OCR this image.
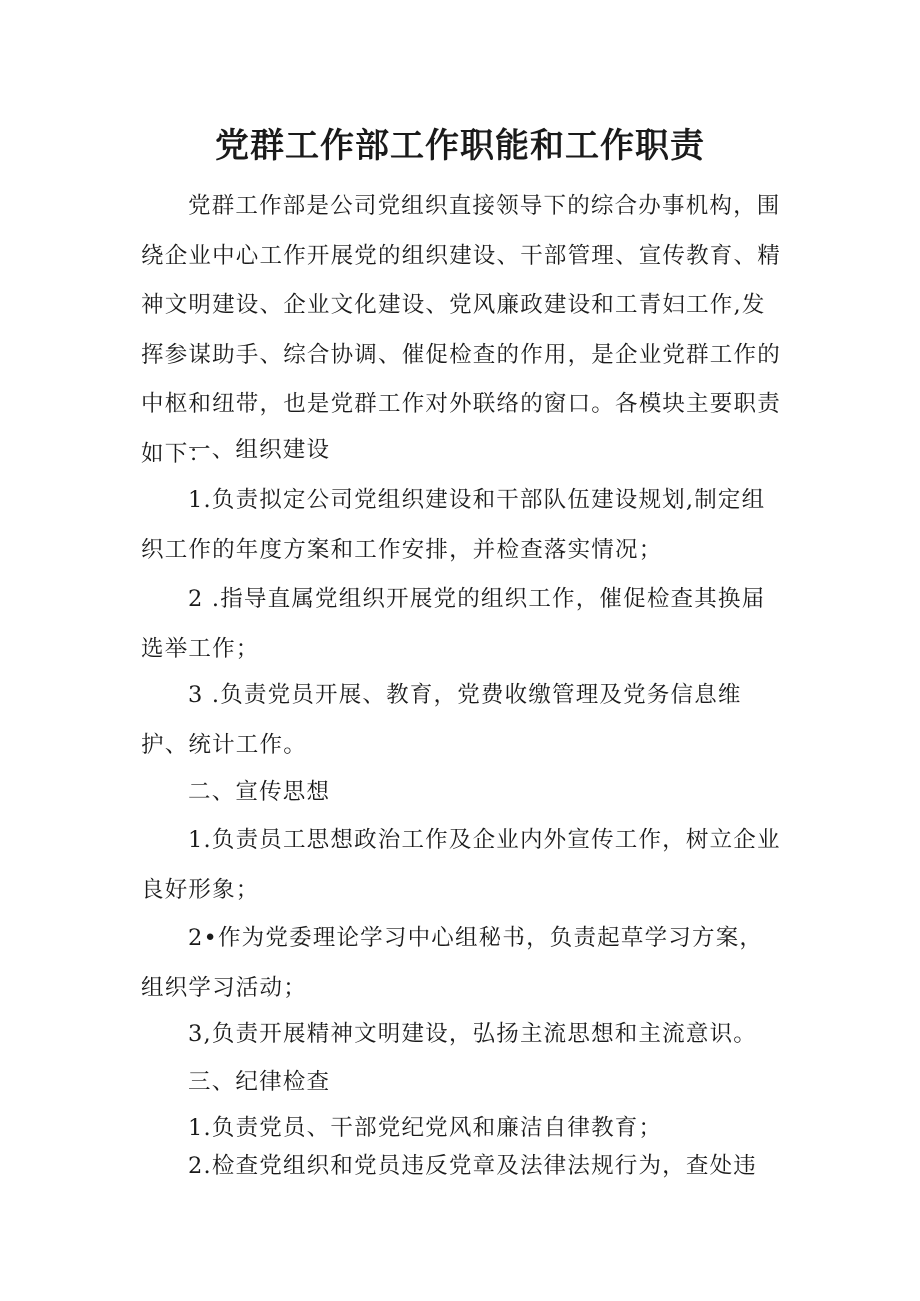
党群工作部工作职能和工作职责

党群工作部是公司党组织直接领导下的综合办事机构，围绕企业中心工作开展党的组织建设、干部管理、宣传教育、精神文明建设、企业文化建设、党风廉政建设和工青妇工作,发挥参谋助手、综合协调、催促检查的作用，是企业党群工作的中枢和纽带，也是党群工作对外联络的窗口。各模块主要职责如下：

一、组织建设

1.负责拟定公司党组织建设和干部队伍建设规划,制定组织工作的年度方案和工作安排，并检查落实情况；

2 .指导直属党组织开展党的组织工作，催促检查其换届选举工作；

3 .负责党员开展、教育，党费收缴管理及党务信息维护、统计工作。

二、宣传思想

1.负责员工思想政治工作及企业内外宣传工作，树立企业良好形象；

2•作为党委理论学习中心组秘书，负责起草学习方案，组织学习活动；

3,负责开展精神文明建设，弘扬主流思想和主流意识。

三、纪律检查

1.负责党员、干部党纪党风和廉洁自律教育；

2.检查党组织和党员违反党章及法律法规行为，查处违
